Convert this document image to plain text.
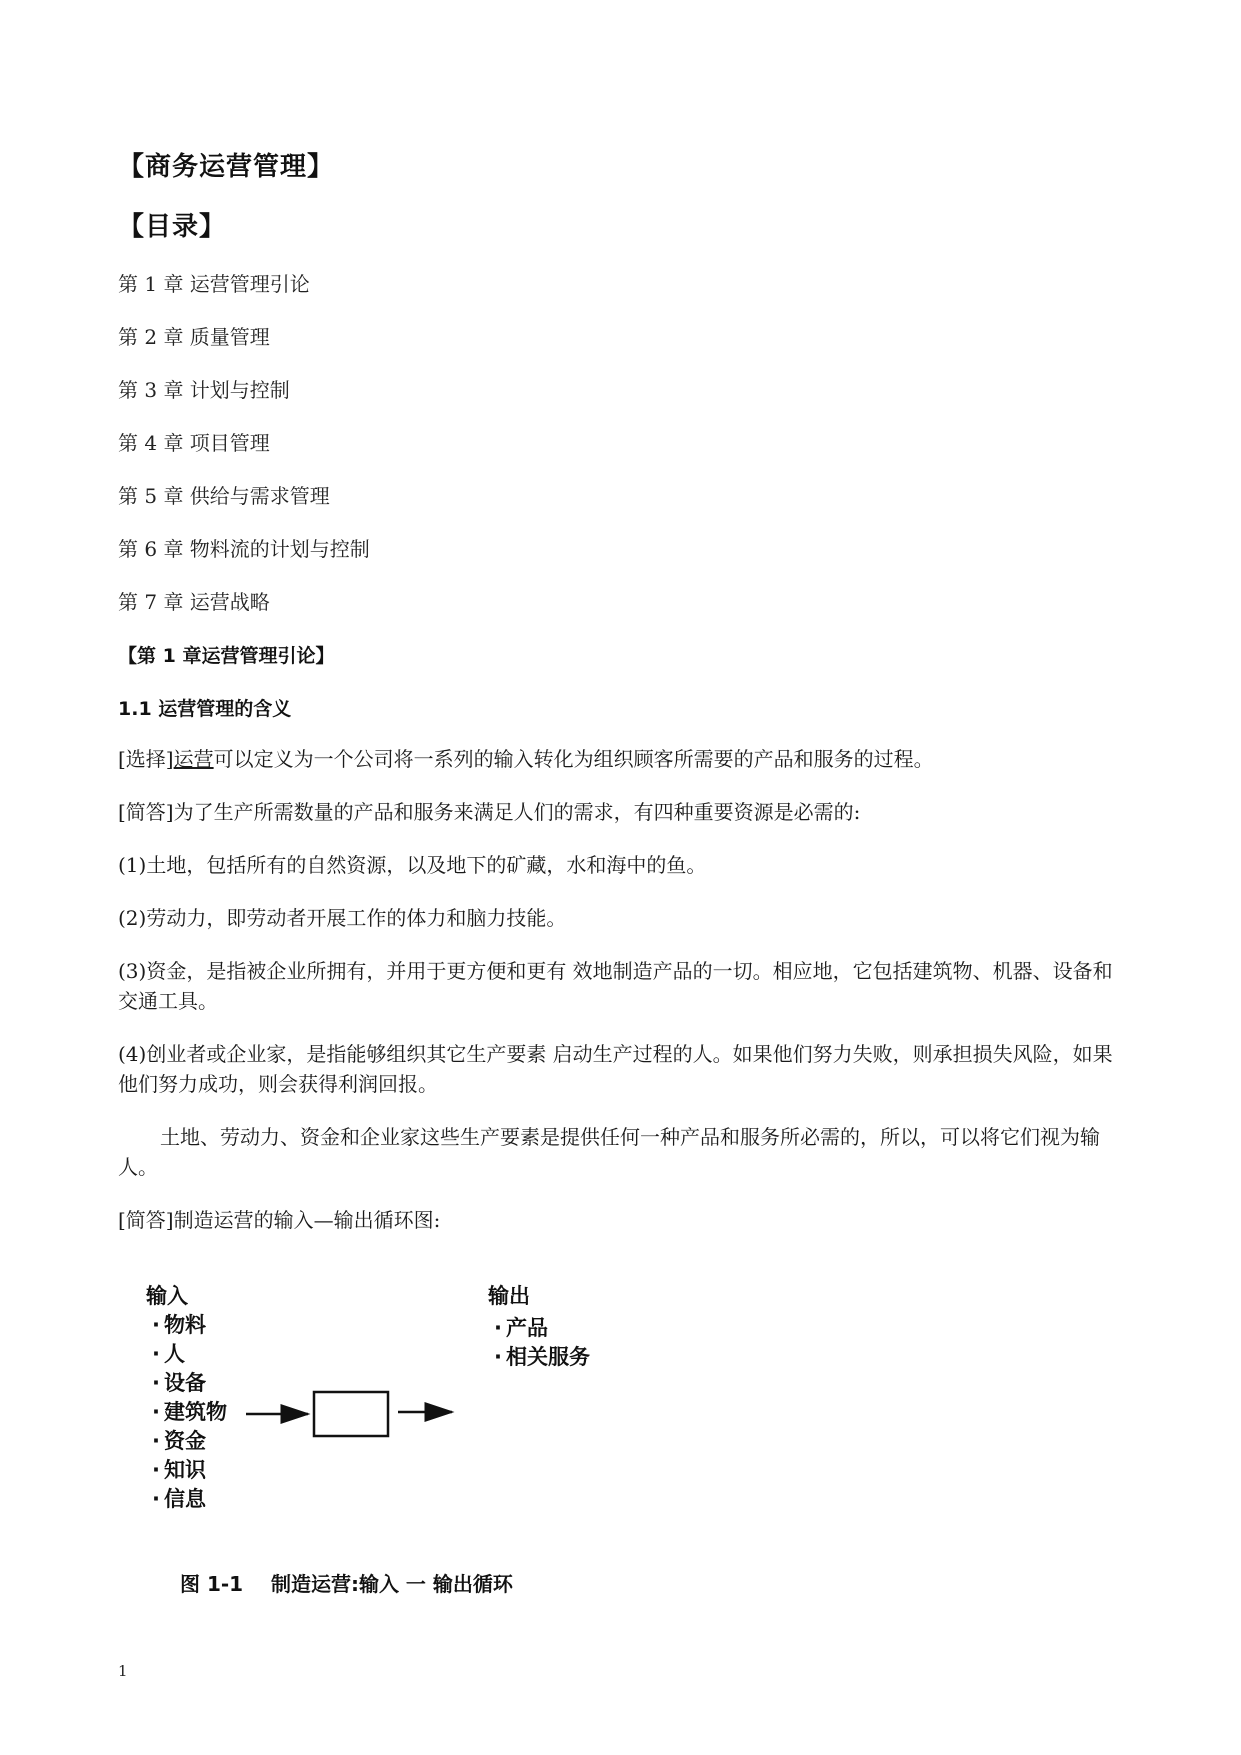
【商务运营管理】
【目录】
第 1 章 运营管理引论
第 2 章 质量管理
第 3 章 计划与控制
第 4 章 项目管理
第 5 章 供给与需求管理
第 6 章 物料流的计划与控制
第 7 章 运营战略
【第 1 章运营管理引论】
1.1 运营管理的含义
[选择]运营可以定义为一个公司将一系列的输入转化为组织顾客所需要的产品和服务的过程。
[简答]为了生产所需数量的产品和服务来满足人们的需求，有四种重要资源是必需的:
(1)土地，包括所有的自然资源，以及地下的矿藏，水和海中的鱼。
(2)劳动力，即劳动者开展工作的体力和脑力技能。
(3)资金，是指被企业所拥有，并用于更方便和更有 效地制造产品的一切。相应地，它包括建筑物、机器、设备和交通工具。
(4)创业者或企业家，是指能够组织其它生产要素 启动生产过程的人。如果他们努力失败，则承担损失风险，如果他们努力成功，则会获得利润回报。
土地、劳动力、资金和企业家这些生产要素是提供任何一种产品和服务所必需的，所以，可以将它们视为输人。
[简答]制造运营的输入—输出循环图:
输入
· 物料
· 人
· 设备
· 建筑物
· 资金
· 知识
· 信息
输出
· 产品
· 相关服务
图 1-1    制造运营:输入 一 输出循环
1
